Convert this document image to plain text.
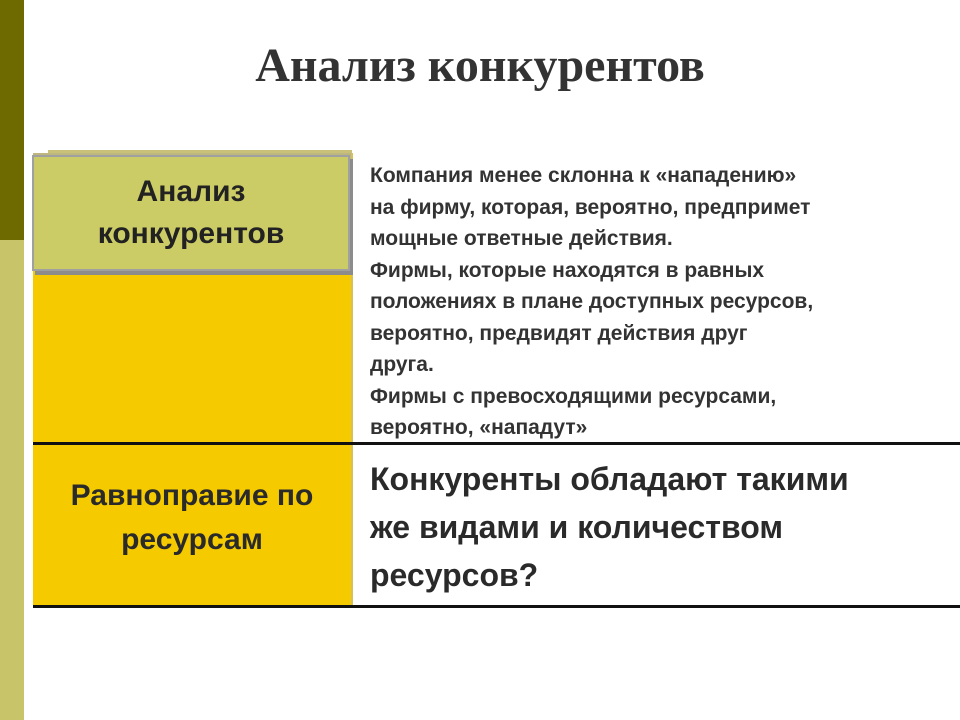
Анализ конкурентов
Анализ
конкурентов
Компания менее склонна к «нападению»
на фирму, которая, вероятно, предпримет
мощные ответные действия.
Фирмы, которые находятся в равных
положениях в плане доступных ресурсов,
вероятно, предвидят действия друг
друга.
Фирмы с превосходящими ресурсами,
вероятно, «нападут»
Равноправие по
ресурсам
Конкуренты обладают такими
же видами и количеством
ресурсов?
